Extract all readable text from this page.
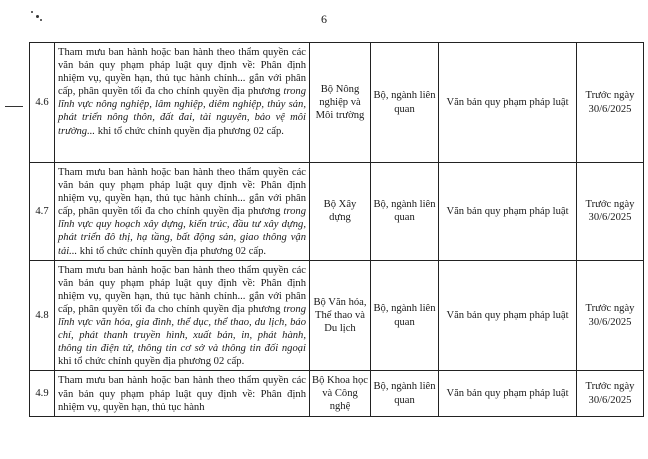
6
4.6	Tham mưu ban hành hoặc ban hành theo thẩm quyền các văn bản quy phạm pháp luật quy định về: Phân định nhiệm vụ, quyền hạn, thủ tục hành chính... gắn với phân cấp, phân quyền tối đa cho chính quyền địa phương trong lĩnh vực nông nghiệp, lâm nghiệp, diêm nghiệp, thủy sản, phát triển nông thôn, đất đai, tài nguyên, bảo vệ môi trường... khi tổ chức chính quyền địa phương 02 cấp.	Bộ Nông nghiệp và Môi trường	Bộ, ngành liên quan	Văn bản quy phạm pháp luật	Trước ngày 30/6/2025
4.7	Tham mưu ban hành hoặc ban hành theo thẩm quyền các văn bản quy phạm pháp luật quy định về: Phân định nhiệm vụ, quyền hạn, thủ tục hành chính... gắn với phân cấp, phân quyền tối đa cho chính quyền địa phương trong lĩnh vực quy hoạch xây dựng, kiến trúc, đầu tư xây dựng, phát triển đô thị, hạ tầng, bất động sản, giao thông vận tải... khi tổ chức chính quyền địa phương 02 cấp.	Bộ Xây dựng	Bộ, ngành liên quan	Văn bản quy phạm pháp luật	Trước ngày 30/6/2025
4.8	Tham mưu ban hành hoặc ban hành theo thẩm quyền các văn bản quy phạm pháp luật quy định về: Phân định nhiệm vụ, quyền hạn, thủ tục hành chính... gắn với phân cấp, phân quyền tối đa cho chính quyền địa phương trong lĩnh vực văn hóa, gia đình, thể dục, thể thao, du lịch, báo chí, phát thanh truyền hình, xuất bản, in, phát hành, thông tin điện tử, thông tin cơ sở và thông tin đối ngoại khi tổ chức chính quyền địa phương 02 cấp.	Bộ Văn hóa, Thể thao và Du lịch	Bộ, ngành liên quan	Văn bản quy phạm pháp luật	Trước ngày 30/6/2025
4.9	Tham mưu ban hành hoặc ban hành theo thẩm quyền các văn bản quy phạm pháp luật quy định về: Phân định nhiệm vụ, quyền hạn, thủ tục hành	Bộ Khoa học và Công nghệ	Bộ, ngành liên quan	Văn bản quy phạm pháp luật	Trước ngày 30/6/2025
